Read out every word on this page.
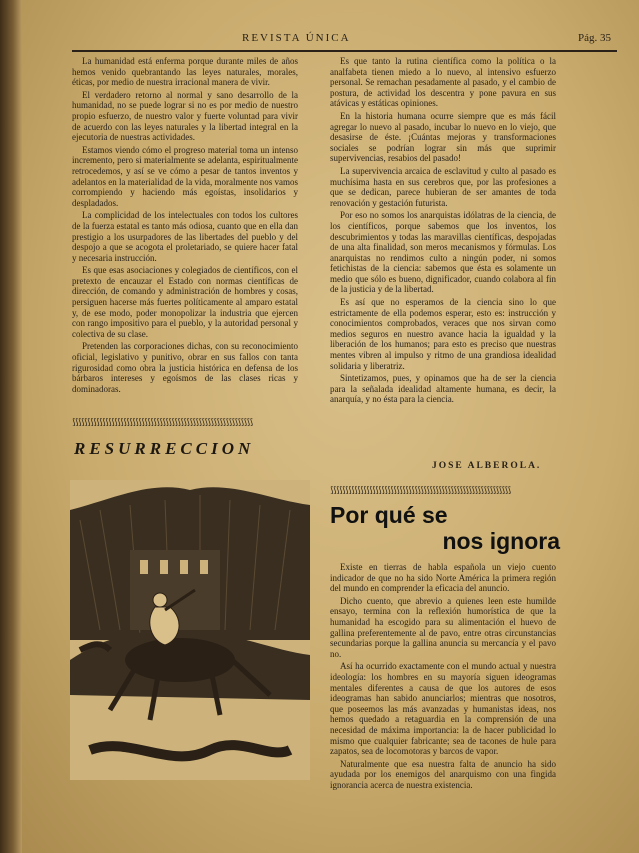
REVISTA ÚNICA	Pág. 35

La humanidad está enferma porque durante miles de años hemos venido quebrantando las leyes naturales, morales, éticas, por medio de nuestra irracional manera de vivir.

El verdadero retorno al normal y sano desarrollo de la humanidad, no se puede lograr si no es por medio de nuestro propio esfuerzo, de nuestro valor y fuerte voluntad para vivir de acuerdo con las leyes naturales y la libertad integral en la ejecutoria de nuestras actividades.

Estamos viendo cómo el progreso material toma un intenso incremento, pero si materialmente se adelanta, espiritualmente retrocedemos, y así se ve cómo a pesar de tantos inventos y adelantos en la materialidad de la vida, moralmente nos vamos corrompiendo y haciendo más egoístas, insolidarios y despladados.

La complicidad de los intelectuales con todos los cultores de la fuerza estatal es tanto más odiosa, cuanto que en ella dan prestigio a los usurpadores de las libertades del pueblo y del despojo a que se acogota el proletariado, se quiere hacer fatal y necesaria instrucción.

Es que esas asociaciones y colegiados de científicos, con el pretexto de encauzar el Estado con normas científicas de dirección, de comando y administración de hombres y cosas, persiguen hacerse más fuertes políticamente al amparo estatal y, de ese modo, poder monopolizar la industria que ejercen con rango impositivo para el pueblo, y la autoridad personal y colectiva de su clase.

Pretenden las corporaciones dichas, con su reconocimiento oficial, legislativo y punitivo, obrar en sus fallos con tanta rigurosidad como obra la justicia histórica en defensa de los bárbaros intereses y egoísmos de las clases ricas y dominadoras.

⟆⟆⟆⟆⟆⟆⟆⟆⟆⟆⟆⟆⟆⟆⟆⟆⟆⟆⟆⟆⟆⟆⟆⟆⟆⟆⟆⟆⟆⟆⟆⟆⟆⟆⟆⟆⟆⟆⟆⟆⟆⟆⟆⟆⟆⟆⟆⟆⟆⟆⟆⟆⟆⟆⟆⟆⟆⟆⟆⟆
RESURRECCION

Es que tanto la rutina científica como la política o la analfabeta tienen miedo a lo nuevo, al intensivo esfuerzo personal. Se remachan pesadamente al pasado, y el cambio de postura, de actividad los descentra y pone pavura en sus atávicas y estáticas opiniones.

En la historia humana ocurre siempre que es más fácil agregar lo nuevo al pasado, incubar lo nuevo en lo viejo, que desasirse de éste. ¡Cuántas mejoras y transformaciones sociales se podrían lograr sin más que suprimir supervivencias, resabios del pasado!

La supervivencia arcaica de esclavitud y culto al pasado es muchísima hasta en sus cerebros que, por las profesiones a que se dedican, parece hubieran de ser amantes de toda renovación y gestación futurista.

Por eso no somos los anarquistas idólatras de la ciencia, de los científicos, porque sabemos que los inventos, los descubrimientos y todas las maravillas científicas, despojadas de una alta finalidad, son meros mecanismos y fórmulas. Los anarquistas no rendimos culto a ningún poder, ni somos fetichistas de la ciencia: sabemos que ésta es solamente un medio que sólo es bueno, dignificador, cuando colabora al fin de la justicia y de la libertad.

Es así que no esperamos de la ciencia sino lo que estrictamente de ella podemos esperar, esto es: instrucción y conocimientos comprobados, veraces que nos sirvan como medios seguros en nuestro avance hacia la igualdad y la liberación de los humanos; para esto es preciso que nuestras mentes vibren al impulso y ritmo de una grandiosa idealidad solidaria y liberatriz.

Sintetizamos, pues, y opinamos que ha de ser la ciencia para la señalada idealidad altamente humana, es decir, la anarquía, y no ésta para la ciencia.

JOSE ALBEROLA.
⟆⟆⟆⟆⟆⟆⟆⟆⟆⟆⟆⟆⟆⟆⟆⟆⟆⟆⟆⟆⟆⟆⟆⟆⟆⟆⟆⟆⟆⟆⟆⟆⟆⟆⟆⟆⟆⟆⟆⟆⟆⟆⟆⟆⟆⟆⟆⟆⟆⟆⟆⟆⟆⟆⟆⟆⟆⟆⟆⟆
Por qué se
nos ignora

Existe en tierras de habla española un viejo cuento indicador de que no ha sido Norte América la primera región del mundo en comprender la eficacia del anuncio.

Dicho cuento, que abrevio a quienes leen este humilde ensayo, termina con la reflexión humorística de que la humanidad ha escogido para su alimentación el huevo de gallina preferentemente al de pavo, entre otras circunstancias secundarias porque la gallina anuncia su mercancía y el pavo no.

Así ha ocurrido exactamente con el mundo actual y nuestra ideología: los hombres en su mayoría siguen ideogramas mentales diferentes a causa de que los autores de esos ideogramas han sabido anunciarlos; mientras que nosotros, que poseemos las más avanzadas y humanistas ideas, nos hemos quedado a retaguardia en la comprensión de una necesidad de máxima importancia: la de hacer publicidad lo mismo que cualquier fabricante; sea de tacones de hule para zapatos, sea de locomotoras y barcos de vapor.

Naturalmente que esa nuestra falta de anuncio ha sido ayudada por los enemigos del anarquismo con una fingida ignorancia acerca de nuestra existencia.
